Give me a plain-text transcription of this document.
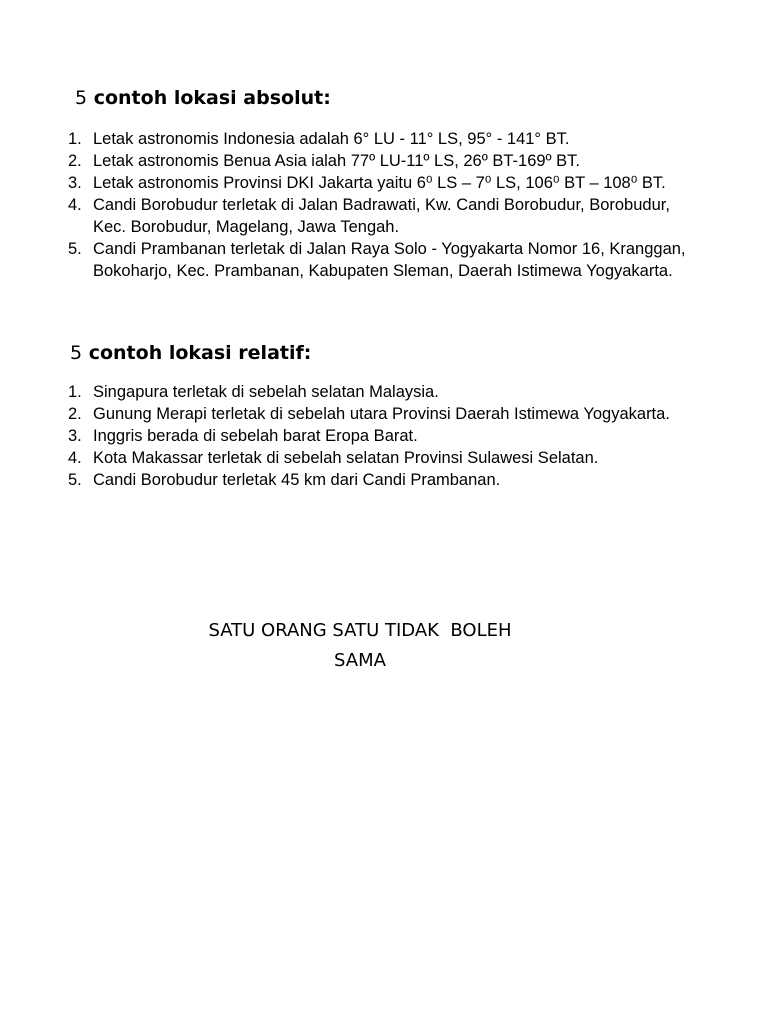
5 contoh lokasi absolut:
1. Letak astronomis Indonesia adalah 6° LU - 11° LS, 95° - 141° BT.
2. Letak astronomis Benua Asia ialah 77º LU-11º LS, 26º BT-169º BT.
3. Letak astronomis Provinsi DKI Jakarta yaitu 6⁰ LS – 7⁰ LS, 106⁰ BT – 108⁰ BT.
4. Candi Borobudur terletak di Jalan Badrawati, Kw. Candi Borobudur, Borobudur, Kec. Borobudur, Magelang, Jawa Tengah.
5. Candi Prambanan terletak di Jalan Raya Solo - Yogyakarta Nomor 16, Kranggan, Bokoharjo, Kec. Prambanan, Kabupaten Sleman, Daerah Istimewa Yogyakarta.
5 contoh lokasi relatif:
1. Singapura terletak di sebelah selatan Malaysia.
2. Gunung Merapi terletak di sebelah utara Provinsi Daerah Istimewa Yogyakarta.
3. Inggris berada di sebelah barat Eropa Barat.
4. Kota Makassar terletak di sebelah selatan Provinsi Sulawesi Selatan.
5. Candi Borobudur terletak 45 km dari Candi Prambanan.
SATU ORANG SATU TIDAK  BOLEH
SAMA
